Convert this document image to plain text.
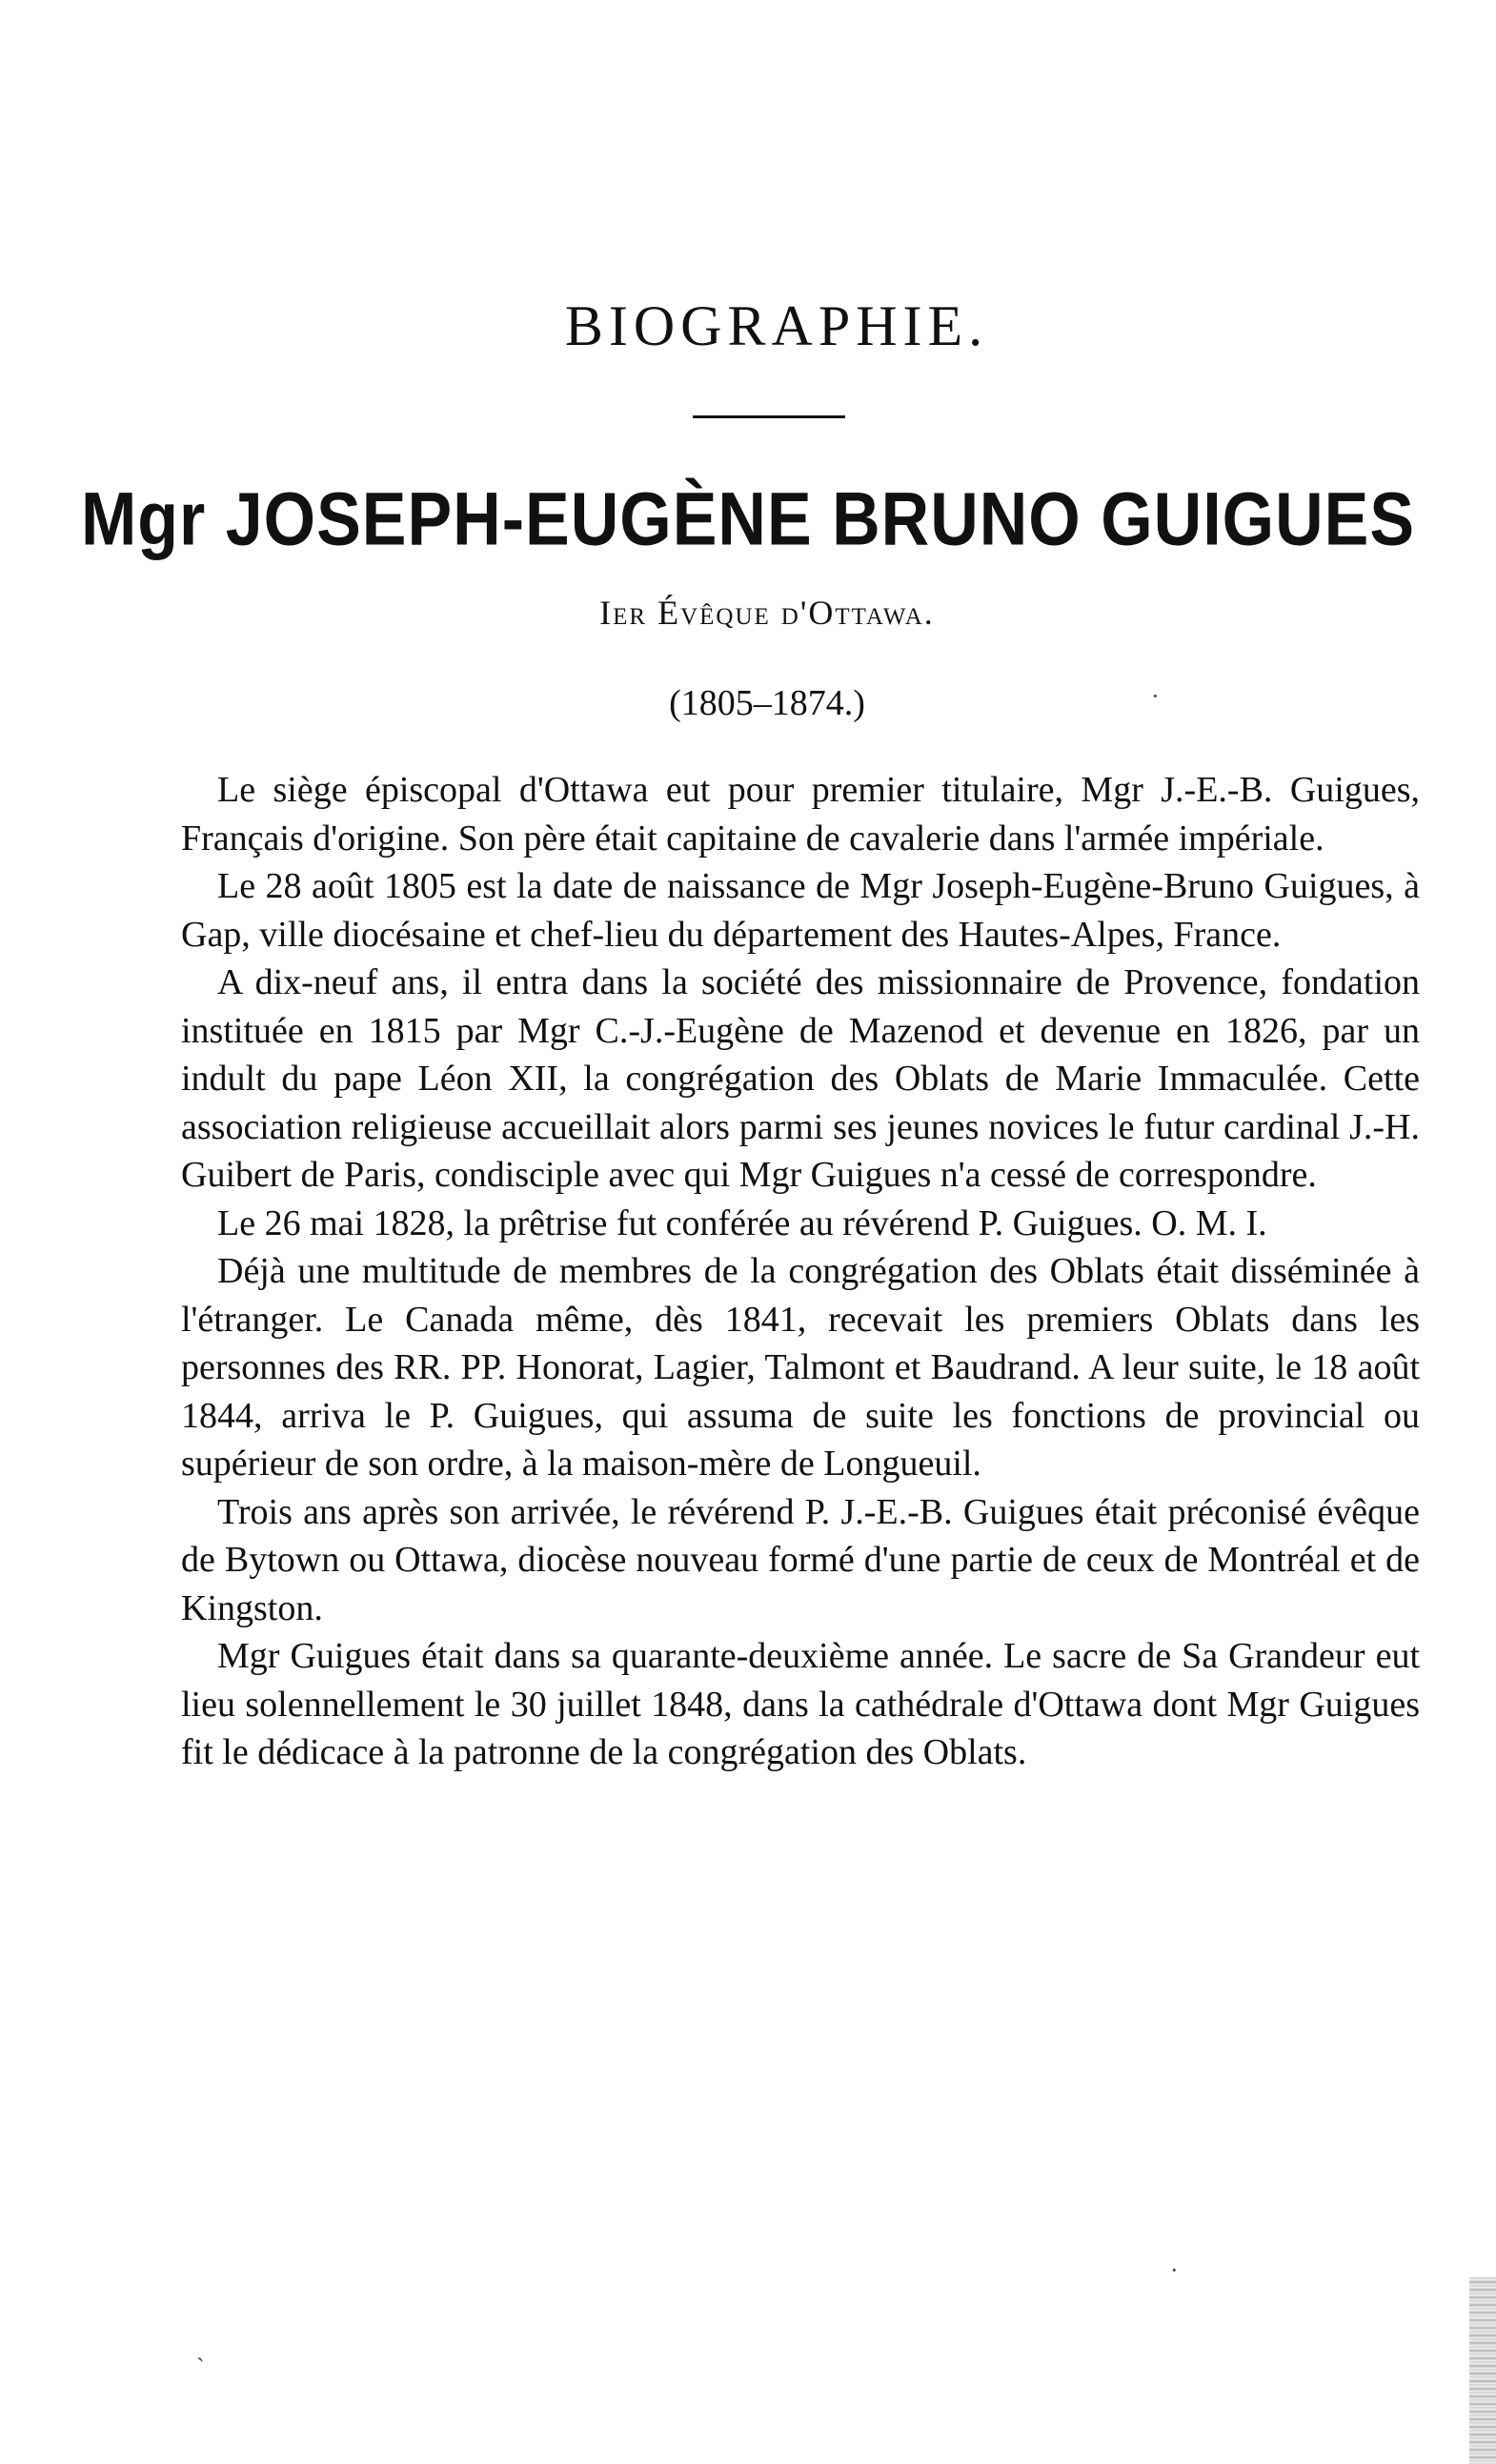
BIOGRAPHIE.
Mgr JOSEPH-EUGÈNE BRUNO GUIGUES
Ier Évêque d'Ottawa.
(1805–1874.)

Le siège épiscopal d'Ottawa eut pour premier titulaire, Mgr J.-E.-B. Guigues, Français d'origine. Son père était capitaine de cavalerie dans l'armée impériale.

Le 28 août 1805 est la date de naissance de Mgr Joseph-Eugène-Bruno Guigues, à Gap, ville diocésaine et chef-lieu du département des Hautes-Alpes, France.

A dix-neuf ans, il entra dans la société des missionnaire de Provence, fondation instituée en 1815 par Mgr C.-J.-Eugène de Mazenod et devenue en 1826, par un indult du pape Léon XII, la congrégation des Oblats de Marie Immaculée. Cette association religieuse accueillait alors parmi ses jeunes novices le futur cardinal J.-H. Guibert de Paris, condisciple avec qui Mgr Guigues n'a cessé de correspondre.

Le 26 mai 1828, la prêtrise fut conférée au révérend P. Guigues. O. M. I.

Déjà une multitude de membres de la congrégation des Oblats était disséminée à l'étranger. Le Canada même, dès 1841, recevait les premiers Oblats dans les personnes des RR. PP. Honorat, Lagier, Talmont et Baudrand. A leur suite, le 18 août 1844, arriva le P. Guigues, qui assuma de suite les fonctions de provincial ou supérieur de son ordre, à la maison-mère de Longueuil.

Trois ans après son arrivée, le révérend P. J.-E.-B. Guigues était préconisé évêque de Bytown ou Ottawa, diocèse nouveau formé d'une partie de ceux de Montréal et de Kingston.

Mgr Guigues était dans sa quarante-deuxième année. Le sacre de Sa Grandeur eut lieu solennellement le 30 juillet 1848, dans la cathédrale d'Ottawa dont Mgr Guigues fit le dédicace à la patronne de la congrégation des Oblats.

·
·
`
